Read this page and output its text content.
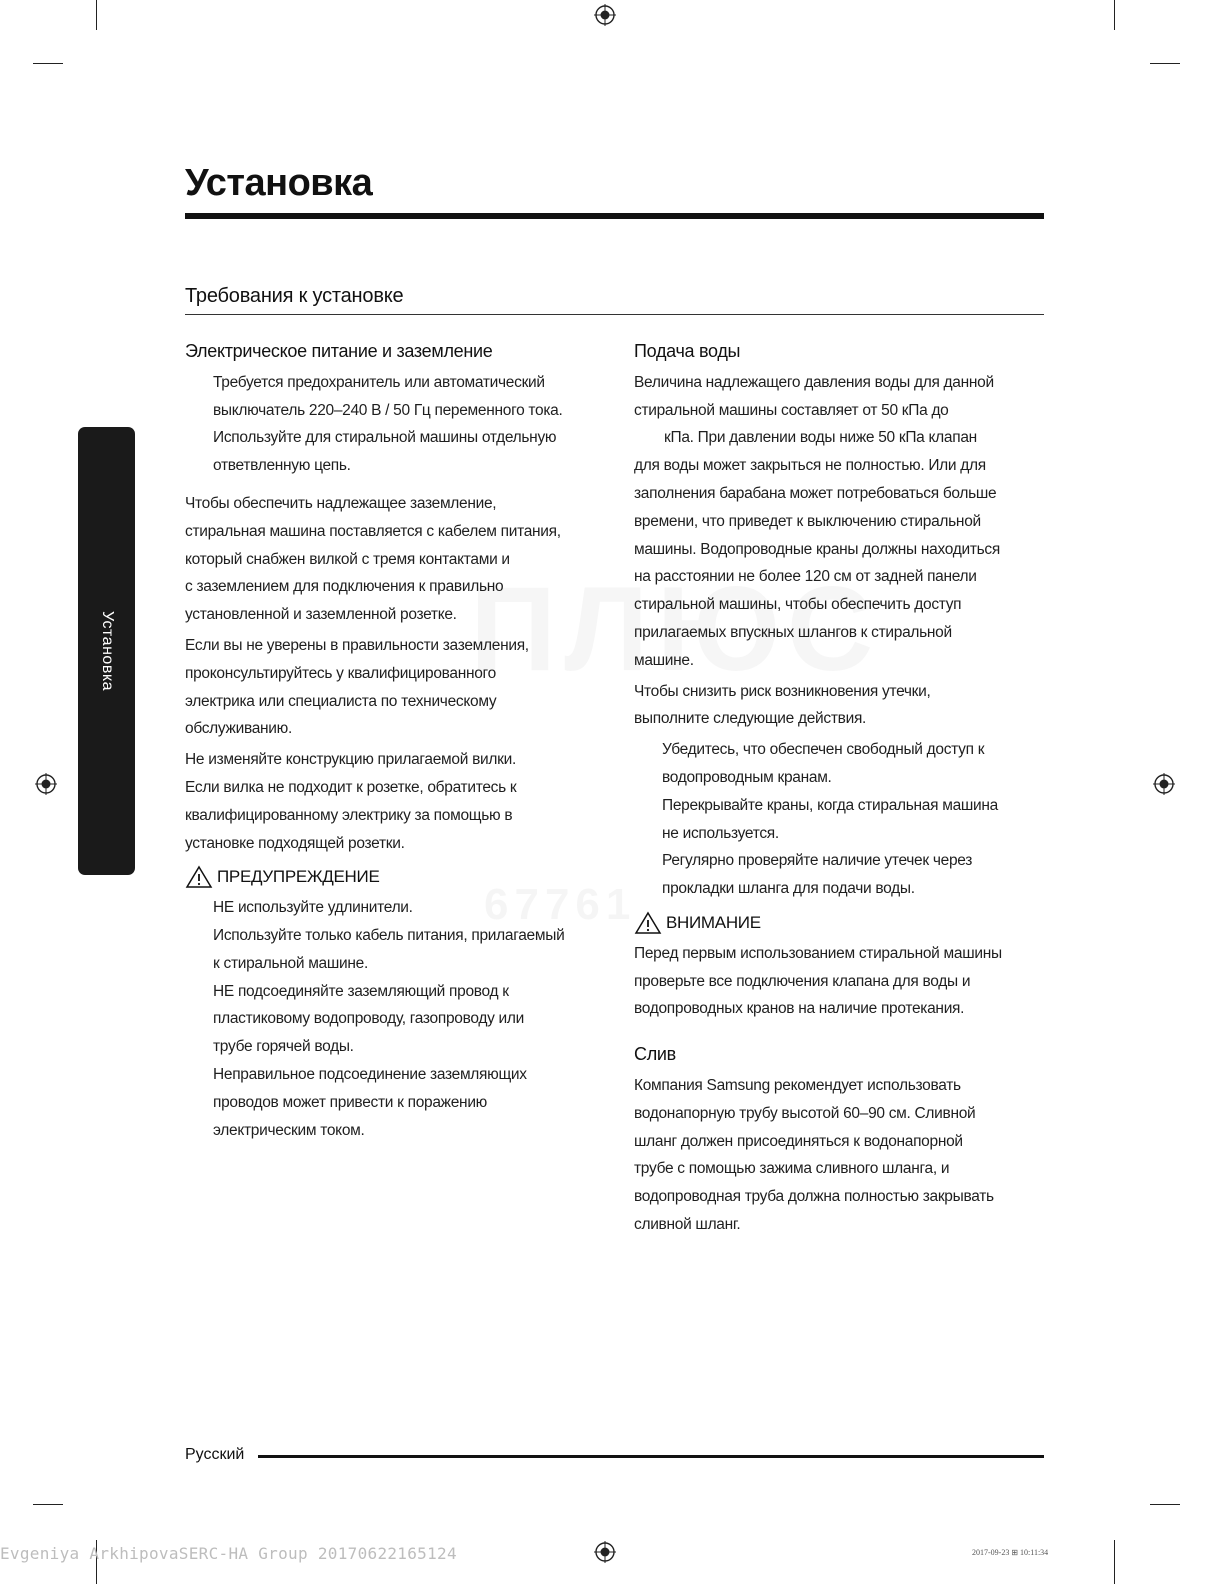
Установка
Требования к установке
Установка
Электрическое питание и заземление

Требуется предохранитель или автоматический

выключатель 220–240 В / 50 Гц переменного тока.

Используйте для стиральной машины отдельную

ответвленную цепь.

Чтобы обеспечить надлежащее заземление,

стиральная машина поставляется с кабелем питания,

который снабжен вилкой с тремя контактами и

с заземлением для подключения к правильно

установленной и заземленной розетке.

Если вы не уверены в правильности заземления,

проконсультируйтесь у квалифицированного

электрика или специалиста по техническому

обслуживанию.

Не изменяйте конструкцию прилагаемой вилки.

Если вилка не подходит к розетке, обратитесь к

квалифицированному электрику за помощью в

установке подходящей розетки.

ПРЕДУПРЕЖДЕНИЕ

НЕ используйте удлинители.

Используйте только кабель питания, прилагаемый

к стиральной машине.

НЕ подсоединяйте заземляющий провод к

пластиковому водопроводу, газопроводу или

трубе горячей воды.

Неправильное подсоединение заземляющих

проводов может привести к поражению

электрическим током.

Подача воды

Величина надлежащего давления воды для данной

стиральной машины составляет от 50 кПа до

кПа. При давлении воды ниже 50 кПа клапан

для воды может закрыться не полностью. Или для

заполнения барабана может потребоваться больше

времени, что приведет к выключению стиральной

машины. Водопроводные краны должны находиться

на расстоянии не более 120 см от задней панели

стиральной машины, чтобы обеспечить доступ

прилагаемых впускных шлангов к стиральной

машине.

Чтобы снизить риск возникновения утечки,

выполните следующие действия.

Убедитесь, что обеспечен свободный доступ к

водопроводным кранам.

Перекрывайте краны, когда стиральная машина

не используется.

Регулярно проверяйте наличие утечек через

прокладки шланга для подачи воды.

ВНИМАНИЕ

Перед первым использованием стиральной машины

проверьте все подключения клапана для воды и

водопроводных кранов на наличие протекания.

Слив

Компания Samsung рекомендует использовать

водонапорную трубу высотой 60–90 см. Сливной

шланг должен присоединяться к водонапорной

трубе с помощью зажима сливного шланга, и

водопроводная труба должна полностью закрывать

сливной шланг.

Русский
Evgeniya ArkhipovaSERC-HA Group 20170622165124	2017-09-23 ⊞ 10:11:34
